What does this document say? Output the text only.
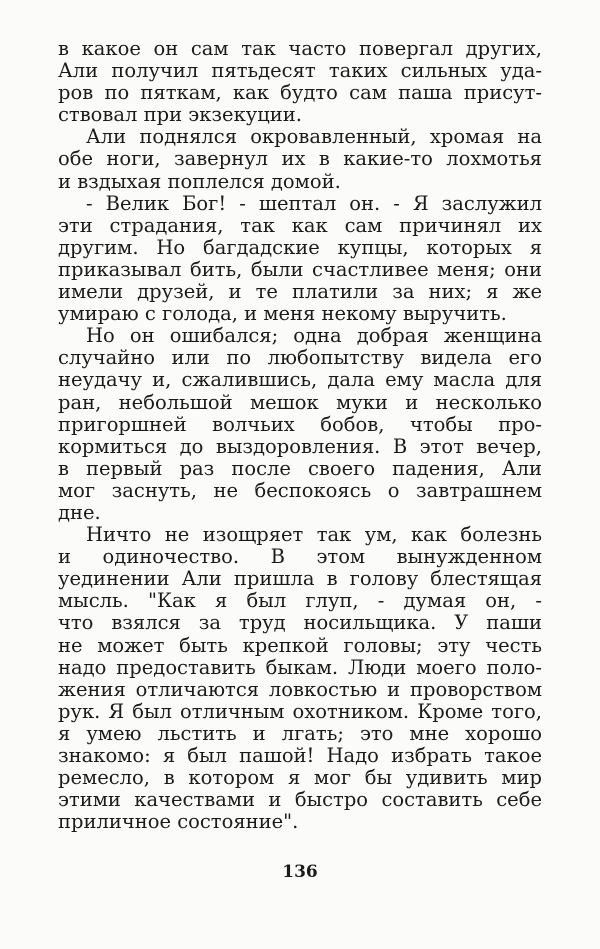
в какое он сам так часто повергал других,
Али получил пятьдесят таких сильных уда-
ров по пяткам, как будто сам паша присут-
ствовал при экзекуции.
Али поднялся окровавленный, хромая на
обе ноги, завернул их в какие-то лохмотья
и вздыхая поплелся домой.
- Велик Бог! - шептал он. - Я заслужил
эти страдания, так как сам причинял их
другим. Но багдадские купцы, которых я
приказывал бить, были счастливее меня; они
имели друзей, и те платили за них; я же
умираю с голода, и меня некому выручить.
Но он ошибался; одна добрая женщина
случайно или по любопытству видела его
неудачу и, сжалившись, дала ему масла для
ран, небольшой мешок муки и несколько
пригоршней волчьих бобов, чтобы про-
кормиться до выздоровления. В этот вечер,
в первый раз после своего падения, Али
мог заснуть, не беспокоясь о завтрашнем
дне.
Ничто не изощряет так ум, как болезнь
и одиночество. В этом вынужденном
уединении Али пришла в голову блестящая
мысль. "Как я был глуп, - думая он, -
что взялся за труд носильщика. У паши
не может быть крепкой головы; эту честь
надо предоставить быкам. Люди моего поло-
жения отличаются ловкостью и проворством
рук. Я был отличным охотником. Кроме того,
я умею льстить и лгать; это мне хорошо
знакомо: я был пашой! Надо избрать такое
ремесло, в котором я мог бы удивить мир
этими качествами и быстро составить себе
приличное состояние".
136
